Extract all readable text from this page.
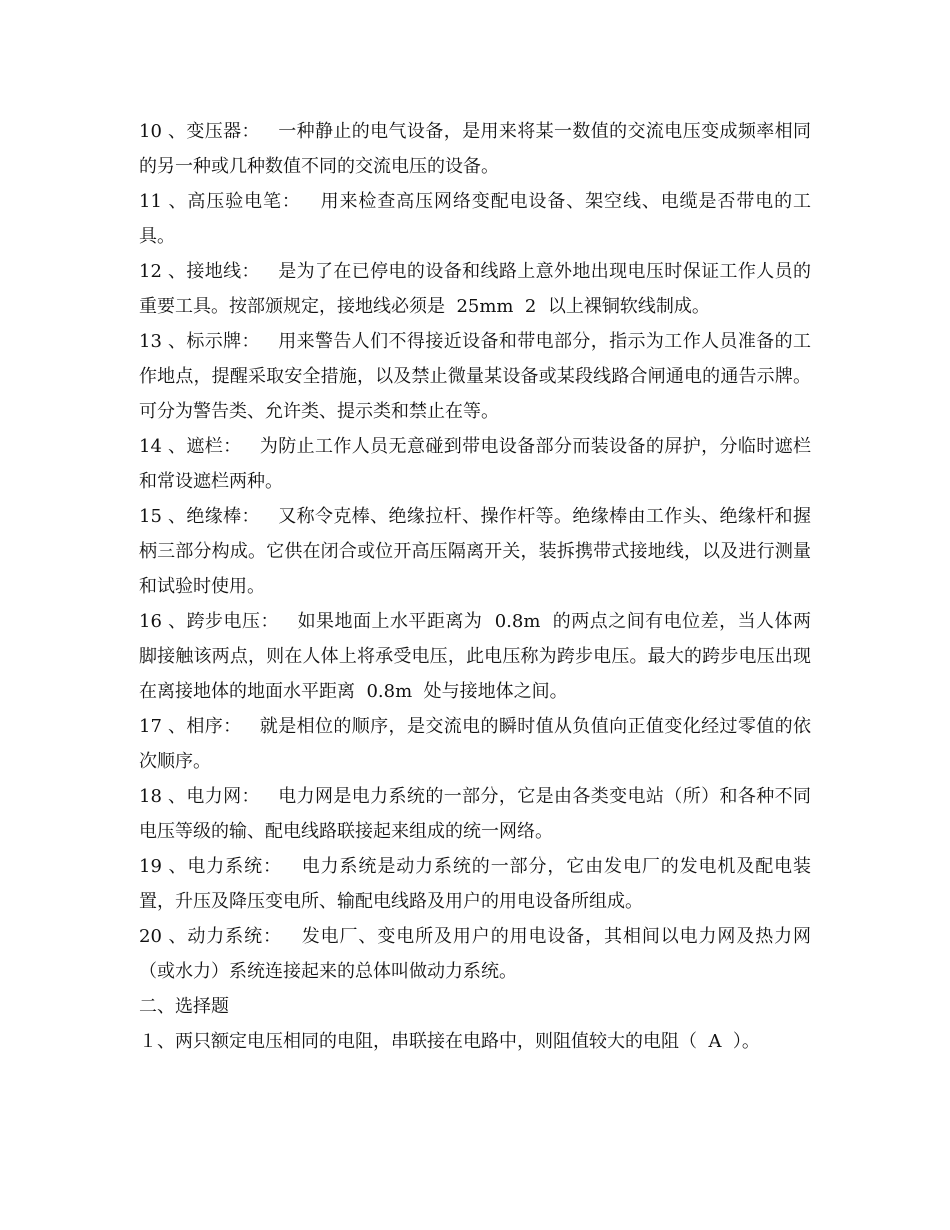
10 、变压器：   一种静止的电气设备，是用来将某一数值的交流电压变成频率相同的另一种或几种数值不同的交流电压的设备。

11 、高压验电笔：   用来检查高压网络变配电设备、架空线、电缆是否带电的工具。

12 、接地线：   是为了在已停电的设备和线路上意外地出现电压时保证工作人员的重要工具。按部颁规定，接地线必须是  25mm  2  以上裸铜软线制成。

13 、标示牌：   用来警告人们不得接近设备和带电部分，指示为工作人员准备的工作地点，提醒采取安全措施，以及禁止微量某设备或某段线路合闸通电的通告示牌。可分为警告类、允许类、提示类和禁止在等。

14 、遮栏：   为防止工作人员无意碰到带电设备部分而装设备的屏护，分临时遮栏和常设遮栏两种。

15 、绝缘棒：   又称令克棒、绝缘拉杆、操作杆等。绝缘棒由工作头、绝缘杆和握柄三部分构成。它供在闭合或位开高压隔离开关，装拆携带式接地线，以及进行测量和试验时使用。

16 、跨步电压：   如果地面上水平距离为  0.8m  的两点之间有电位差，当人体两脚接触该两点，则在人体上将承受电压，此电压称为跨步电压。最大的跨步电压出现在离接地体的地面水平距离  0.8m  处与接地体之间。

17 、相序：   就是相位的顺序，是交流电的瞬时值从负值向正值变化经过零值的依次顺序。

18 、电力网：   电力网是电力系统的一部分，它是由各类变电站（所）和各种不同电压等级的输、配电线路联接起来组成的统一网络。

19 、电力系统：   电力系统是动力系统的一部分，它由发电厂的发电机及配电装置，升压及降压变电所、输配电线路及用户的用电设备所组成。

20 、动力系统：   发电厂、变电所及用户的用电设备，其相间以电力网及热力网（或水力）系统连接起来的总体叫做动力系统。

二、选择题

１、两只额定电压相同的电阻，串联接在电路中，则阻值较大的电阻（  A  ）。
